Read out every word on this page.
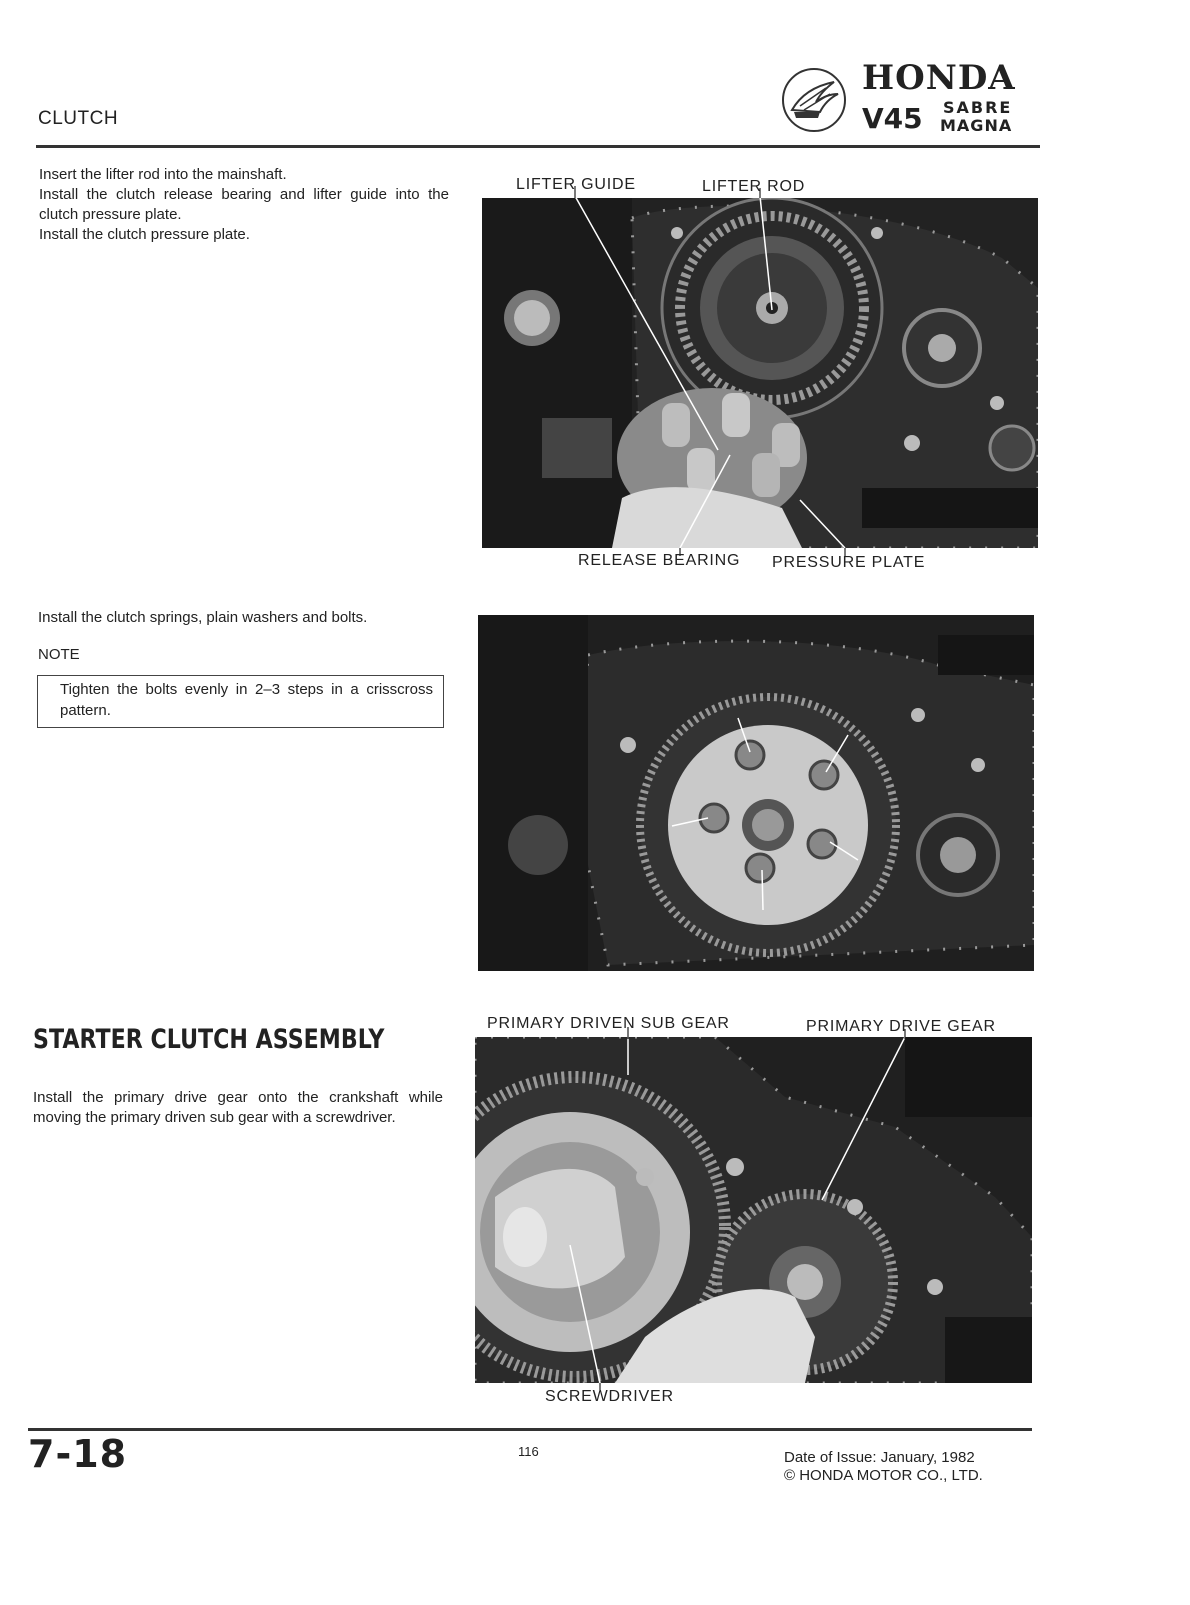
CLUTCH
HONDA
V45 SABRE
MAGNA

Insert the lifter rod into the mainshaft.

Install the clutch release bearing and lifter guide into the clutch pressure plate.

Install the clutch pressure plate.

LIFTER GUIDE	LIFTER ROD
RELEASE BEARING PRESSURE PLATE
Install the clutch springs, plain washers and bolts.
NOTE
Tighten the bolts evenly in 2–3 steps in a crisscross pattern.
STARTER CLUTCH ASSEMBLY
Install the primary drive gear onto the crankshaft while moving the primary driven sub gear with a screwdriver.
PRIMARY DRIVEN SUB GEAR	PRIMARY DRIVE GEAR
SCREWDRIVER
7-18	116	Date of Issue: January, 1982
© HONDA MOTOR CO., LTD.
